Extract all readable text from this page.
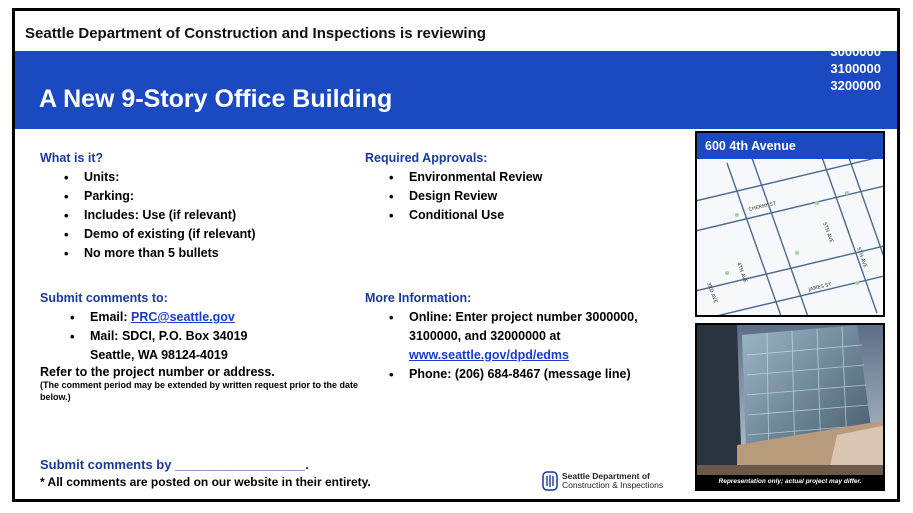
Seattle Department of Construction and Inspections is reviewing
A New 9-Story Office Building
Project:
3000000
3100000
3200000
What is it?
• Units:
• Parking:
• Includes: Use (if relevant)
• Demo of existing (if relevant)
• No more than 5 bullets
Required Approvals:
• Environmental Review
• Design Review
• Conditional Use
Submit comments to:
• Email: PRC@seattle.gov
• Mail: SDCI, P.O. Box 34019
Seattle, WA 98124-4019
Refer to the project number or address.
(The comment period may be extended by written request prior to the date below.)
More Information:
• Online: Enter project number 3000000, 3100000, and 32000000 at
www.seattle.gov/dpd/edms
• Phone: (206) 684-8467 (message line)
Submit comments by __________________.
* All comments are posted on our website in their entirety.	Seattle Department of
Construction & Inspections
600 4th Avenue
CHERRY ST
5TH AVE
4TH AVE
JAMES ST
3RD AVE
5TH AVE
Representation only; actual project may differ.
